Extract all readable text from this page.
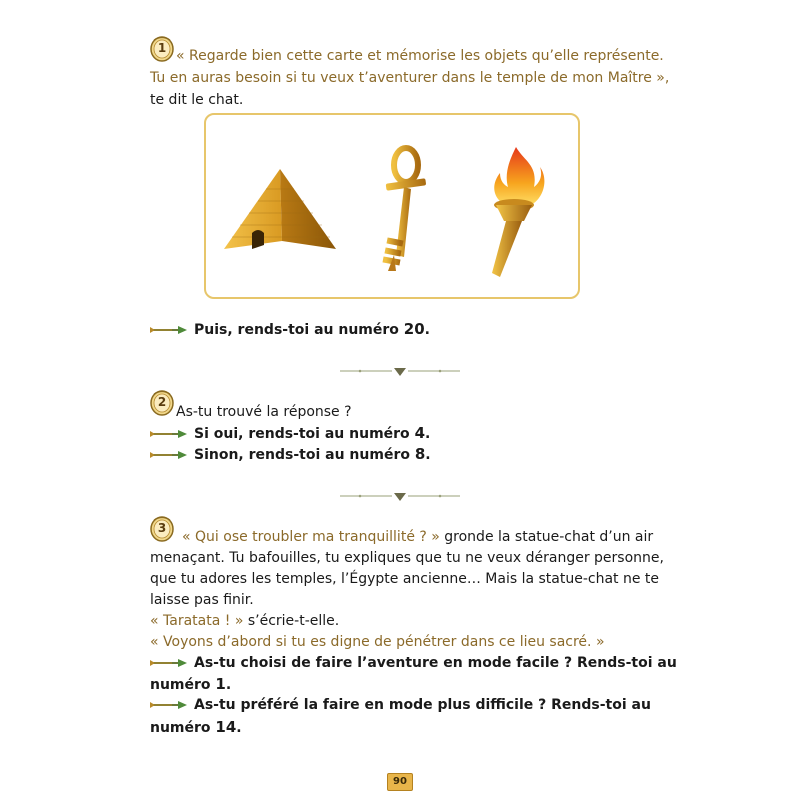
1 « Regarde bien cette carte et mémorise les objets qu’elle représente.
Tu en auras besoin si tu veux t’aventurer dans le temple de mon Maître »,
te dit le chat.
Puis, rends-toi au numéro 20.
2
As-tu trouvé la réponse ?
Si oui, rends-toi au numéro 4.
Sinon, rends-toi au numéro 8.
3
« Qui ose troubler ma tranquillité ? » gronde la statue-chat d’un air
menaçant. Tu bafouilles, tu expliques que tu ne veux déranger personne,
que tu adores les temples, l’Égypte ancienne… Mais la statue-chat ne te
laisse pas finir.
« Taratata ! » s’écrie-t-elle.
« Voyons d’abord si tu es digne de pénétrer dans ce lieu sacré. »
As-tu choisi de faire l’aventure en mode facile ? Rends-toi au
numéro 1.
As-tu préféré la faire en mode plus difficile ? Rends-toi au
numéro 14.
90
